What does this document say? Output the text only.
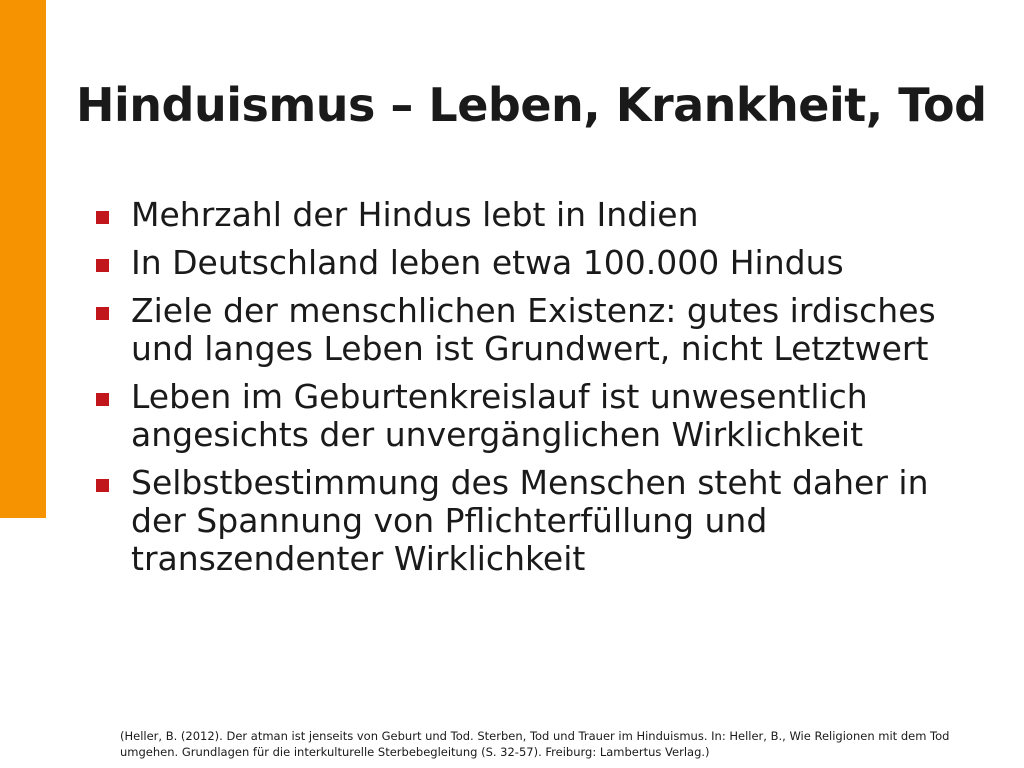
Hinduismus – Leben, Krankheit, Tod
Mehrzahl der Hindus lebt in Indien
In Deutschland leben etwa 100.000 Hindus
Ziele der menschlichen Existenz: gutes irdisches und langes Leben ist Grundwert, nicht Letztwert
Leben im Geburtenkreislauf ist unwesentlich angesichts der unvergänglichen Wirklichkeit
Selbstbestimmung des Menschen steht daher in der Spannung von Pflichterfüllung und transzendenter Wirklichkeit

(Heller, B. (2012). Der atman ist jenseits von Geburt und Tod. Sterben, Tod und Trauer im Hinduismus. In: Heller, B., Wie Religionen mit dem Tod umgehen. Grundlagen für die interkulturelle Sterbebegleitung (S. 32-57). Freiburg: Lambertus Verlag.)
